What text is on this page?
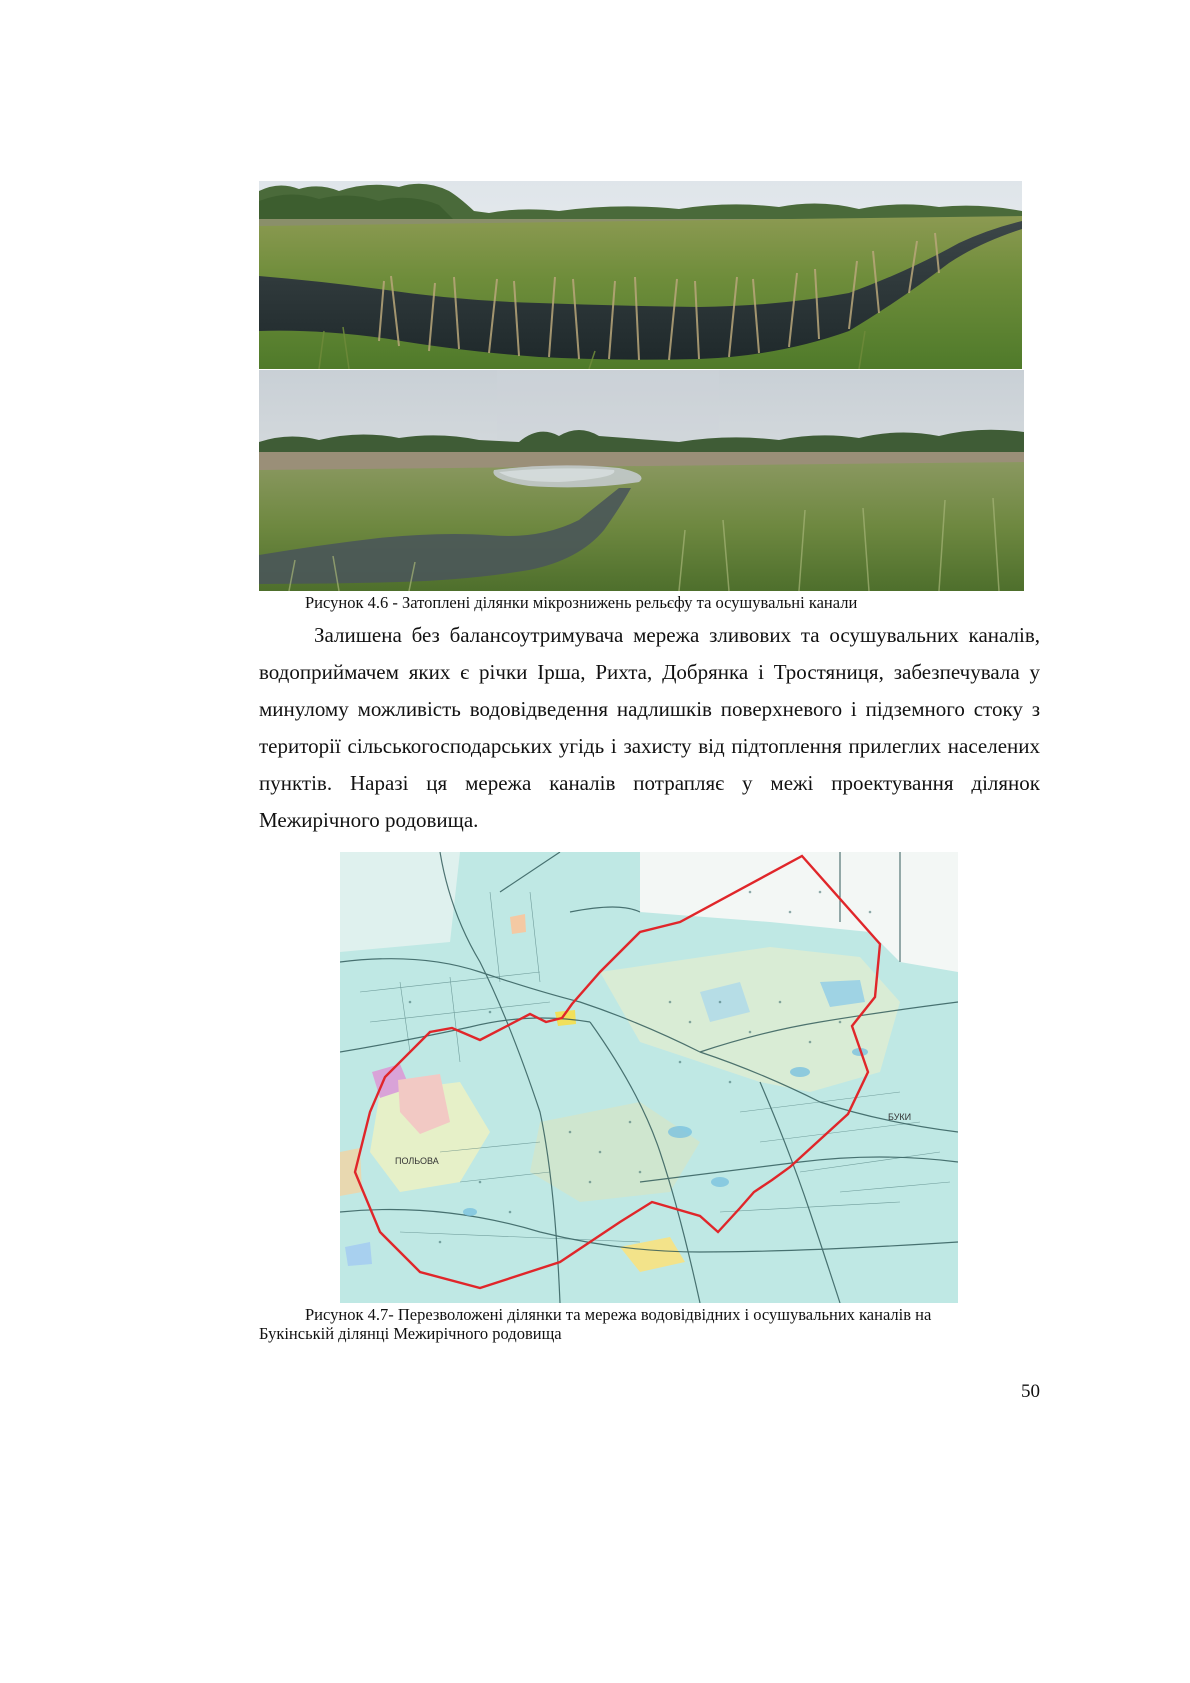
Рисунок 4.6 - Затоплені ділянки мікрознижень рельєфу та осушувальні канали

Залишена без балансоутримувача мережа зливових та осушувальних каналів, водоприймачем яких є річки Ірша, Рихта, Добрянка і Тростяниця, забезпечувала у минулому можливість водовідведення надлишків поверхневого і підземного стоку з території сільськогосподарських угідь і захисту від підтоплення прилеглих населених пунктів. Наразі ця мережа каналів потрапляє у межі проектування ділянок Межирічного родовища.

ПОЛЬОВА
БУКИ
Рисунок 4.7- Перезволожені ділянки та мережа водовідвідних і осушувальних каналів на
Букінській ділянці Межирічного родовища
50
